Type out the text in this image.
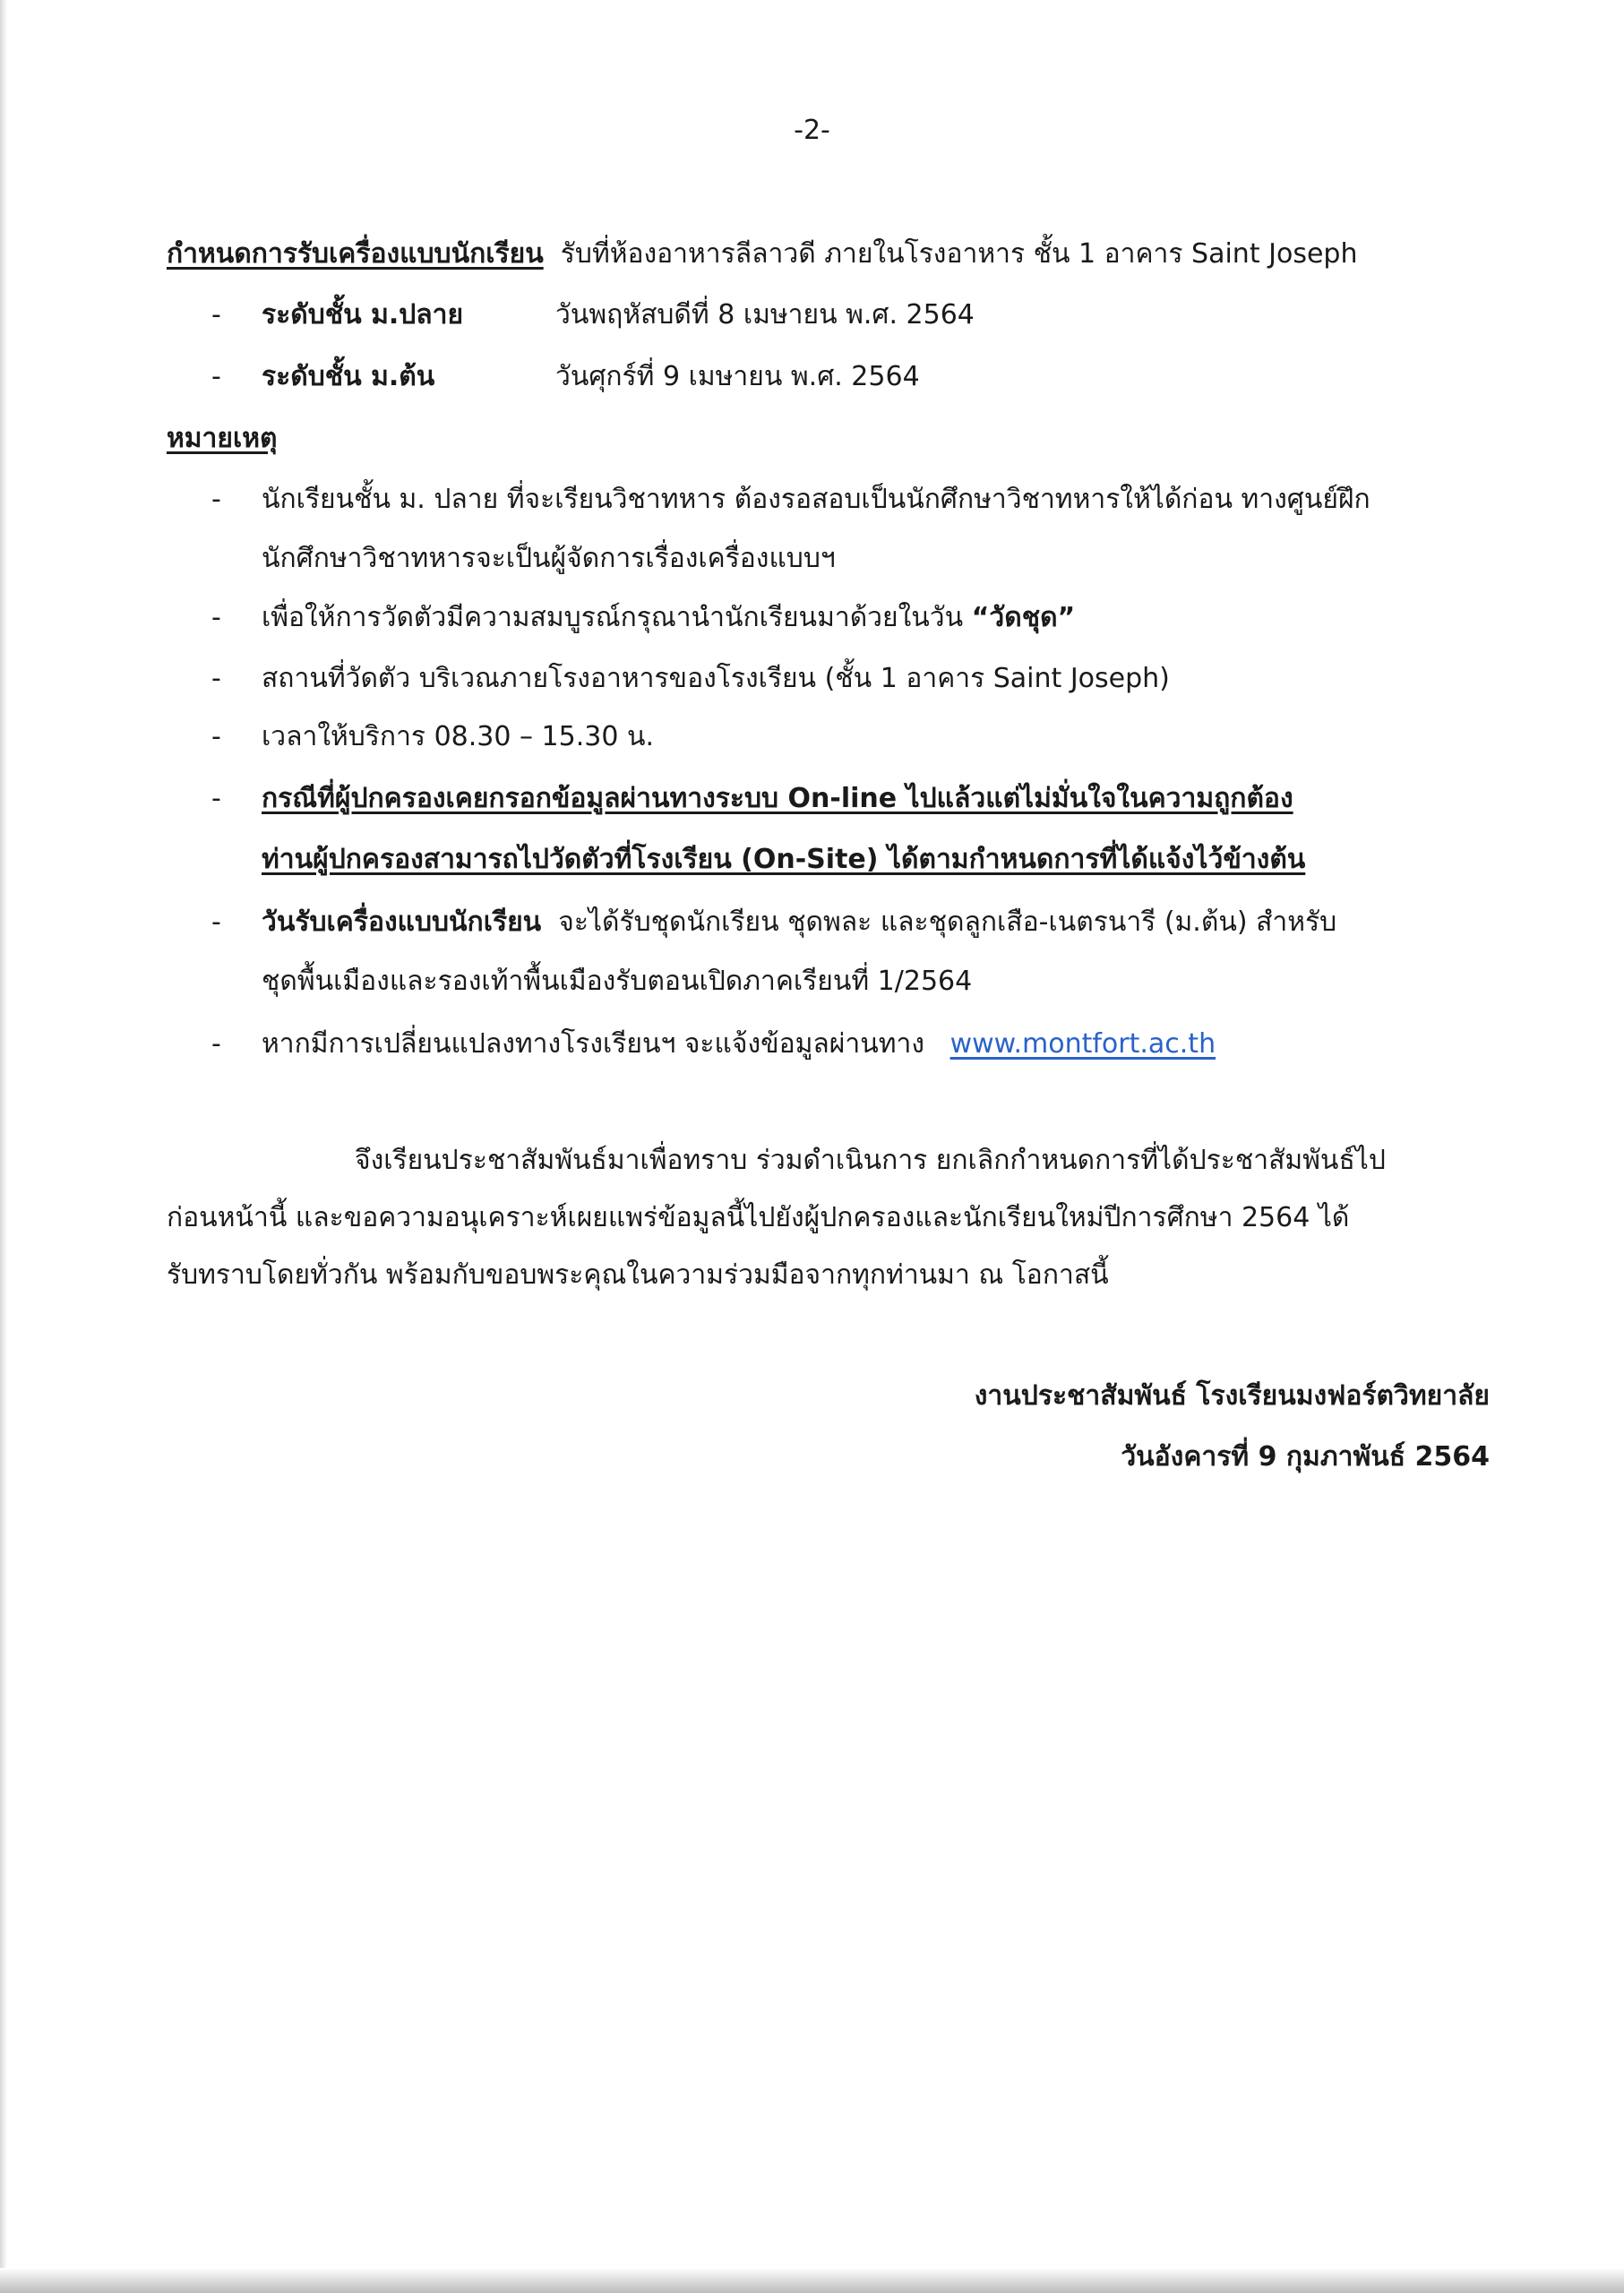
-2-
กำหนดการรับเครื่องแบบนักเรียน รับที่ห้องอาหารลีลาวดี ภายในโรงอาหาร ชั้น 1 อาคาร Saint Joseph
- ระดับชั้น ม.ปลาย	วันพฤหัสบดีที่ 8 เมษายน พ.ศ. 2564
- ระดับชั้น ม.ต้น	วันศุกร์ที่ 9 เมษายน พ.ศ. 2564
หมายเหตุ
- นักเรียนชั้น ม. ปลาย ที่จะเรียนวิชาทหาร ต้องรอสอบเป็นนักศึกษาวิชาทหารให้ได้ก่อน ทางศูนย์ฝึก
นักศึกษาวิชาทหารจะเป็นผู้จัดการเรื่องเครื่องแบบฯ
- เพื่อให้การวัดตัวมีความสมบูรณ์กรุณานำนักเรียนมาด้วยในวัน “วัดชุด”
- สถานที่วัดตัว บริเวณภายโรงอาหารของโรงเรียน (ชั้น 1 อาคาร Saint Joseph)
- เวลาให้บริการ 08.30 – 15.30 น.
- กรณีที่ผู้ปกครองเคยกรอกข้อมูลผ่านทางระบบ On-line ไปแล้วแต่ไม่มั่นใจในความถูกต้อง
ท่านผู้ปกครองสามารถไปวัดตัวที่โรงเรียน (On-Site) ได้ตามกำหนดการที่ได้แจ้งไว้ข้างต้น
- วันรับเครื่องแบบนักเรียน จะได้รับชุดนักเรียน ชุดพละ และชุดลูกเสือ-เนตรนารี (ม.ต้น) สำหรับ
ชุดพื้นเมืองและรองเท้าพื้นเมืองรับตอนเปิดภาคเรียนที่ 1/2564
- หากมีการเปลี่ยนแปลงทางโรงเรียนฯ จะแจ้งข้อมูลผ่านทาง www.montfort.ac.th
จึงเรียนประชาสัมพันธ์มาเพื่อทราบ ร่วมดำเนินการ ยกเลิกกำหนดการที่ได้ประชาสัมพันธ์ไป
ก่อนหน้านี้ และขอความอนุเคราะห์เผยแพร่ข้อมูลนี้ไปยังผู้ปกครองและนักเรียนใหม่ปีการศึกษา 2564 ได้
รับทราบโดยทั่วกัน พร้อมกับขอบพระคุณในความร่วมมือจากทุกท่านมา ณ โอกาสนี้
งานประชาสัมพันธ์ โรงเรียนมงฟอร์ตวิทยาลัย
วันอังคารที่ 9 กุมภาพันธ์ 2564
